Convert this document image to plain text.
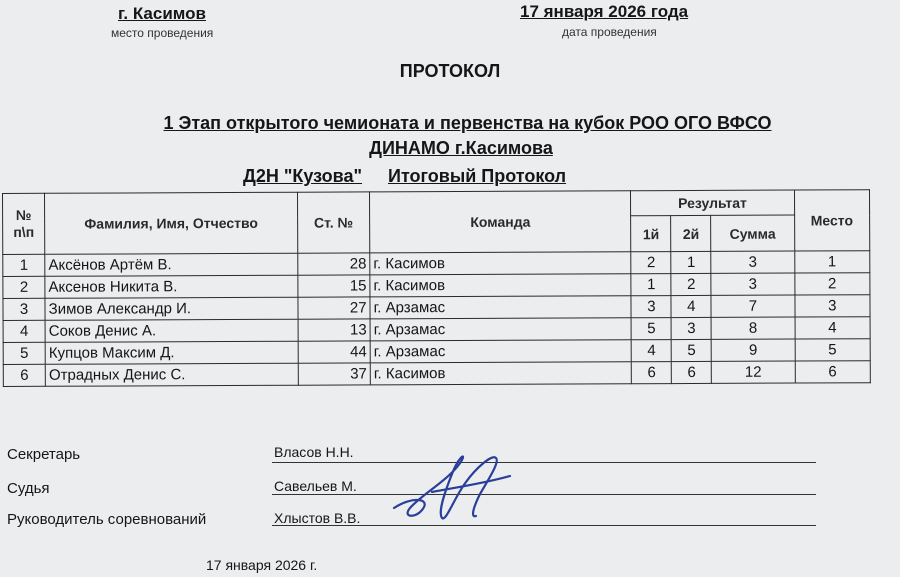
г. Касимов
место проведения
17 января 2026 года
дата проведения
ПРОТОКОЛ
1 Этап открытого чемионата и первенства на кубок РОО ОГО ВФСО
ДИНАМО г.Касимова
Д2Н "Кузова" Итоговый Протокол
№ п\п	Фамилия, Имя, Отчество	Ст. №	Команда	Результат			Место
				1й	2й	Сумма	
1	Аксёнов Артём В.	28	г. Касимов	2	1	3	1
2	Аксенов Никита В.	15	г. Касимов	1	2	3	2
3	Зимов Александр И.	27	г. Арзамас	3	4	7	3
4	Соков Денис А.	13	г. Арзамас	5	3	8	4
5	Купцов Максим Д.	44	г. Арзамас	4	5	9	5
6	Отрадных Денис С.	37	г. Касимов	6	6	12	6
Секретарь	Власов Н.Н.
Судья	Савельев М.
Руководитель соревнований	Хлыстов В.В.
17 января 2026 г.
